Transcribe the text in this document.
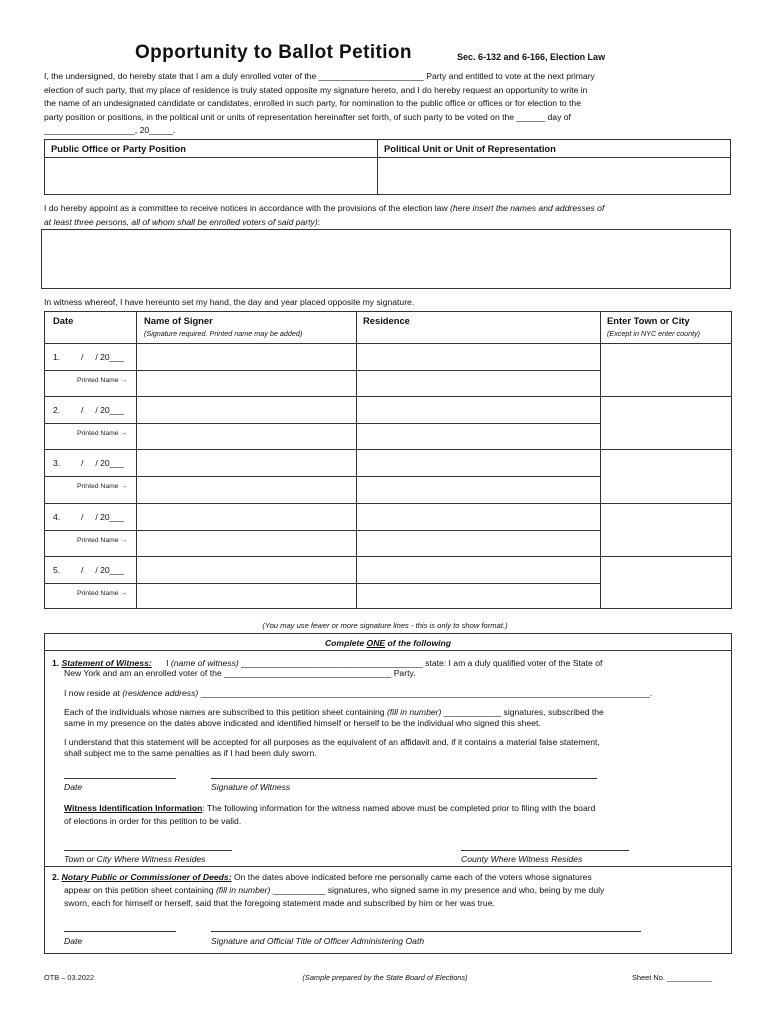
Opportunity to Ballot Petition	Sec. 6-132 and 6-166, Election Law
I, the undersigned, do hereby state that I am a duly enrolled voter of the ______________________ Party and entitled to vote at the next primary
election of such party, that my place of residence is truly stated opposite my signature hereto, and I do hereby request an opportunity to write in
the name of an undesignated candidate or candidates, enrolled in such party, for nomination to the public office or offices or for election to the
party position or positions, in the political unit or units of representation hereinafter set forth, of such party to be voted on the ______ day of
___________________, 20_____.
Public Office or Party Position	Political Unit or Unit of Representation
I do hereby appoint as a committee to receive notices in accordance with the provisions of the election law (here insert the names and addresses of
at least three persons, all of whom shall be enrolled voters of said party):
In witness whereof, I have hereunto set my hand, the day and year placed opposite my signature.
Date	Name of Signer
(Signature required. Printed name may be added)
Residence	Enter Town or City
(Except in NYC enter county)
1. /     / 20___
Printed Name →
2. /     / 20___
Printed Name →
3. /     / 20___
Printed Name →
4. /     / 20___
Printed Name →
5. /     / 20___
Printed Name →
(You may use fewer or more signature lines - this is only to show format.)
Complete ONE of the following
1. Statement of Witness: I (name of witness) ______________________________________ state: I am a duly qualified voter of the State of
New York and am an enrolled voter of the ___________________________________ Party.
I now reside at (residence address) ______________________________________________________________________________________________.
Each of the individuals whose names are subscribed to this petition sheet containing (fill in number) ____________ signatures, subscribed the
same in my presence on the dates above indicated and identified himself or herself to be the individual who signed this sheet.
I understand that this statement will be accepted for all purposes as the equivalent of an affidavit and, if it contains a material false statement,
shall subject me to the same penalties as if I had been duly sworn.
Date	Signature of Witness
Witness Identification Information: The following information for the witness named above must be completed prior to filing with the board
of elections in order for this petition to be valid.
Town or City Where Witness Resides	County Where Witness Resides
2. Notary Public or Commissioner of Deeds: On the dates above indicated before me personally came each of the voters whose signatures
appear on this petition sheet containing (fill in number) ___________ signatures, who signed same in my presence and who, being by me duly
sworn, each for himself or herself, said that the foregoing statement made and subscribed by him or her was true.
Date	Signature and Official Title of Officer Administering Oath
OTB – 03.2022	(Sample prepared by the State Board of Elections)	Sheet No. ___________
